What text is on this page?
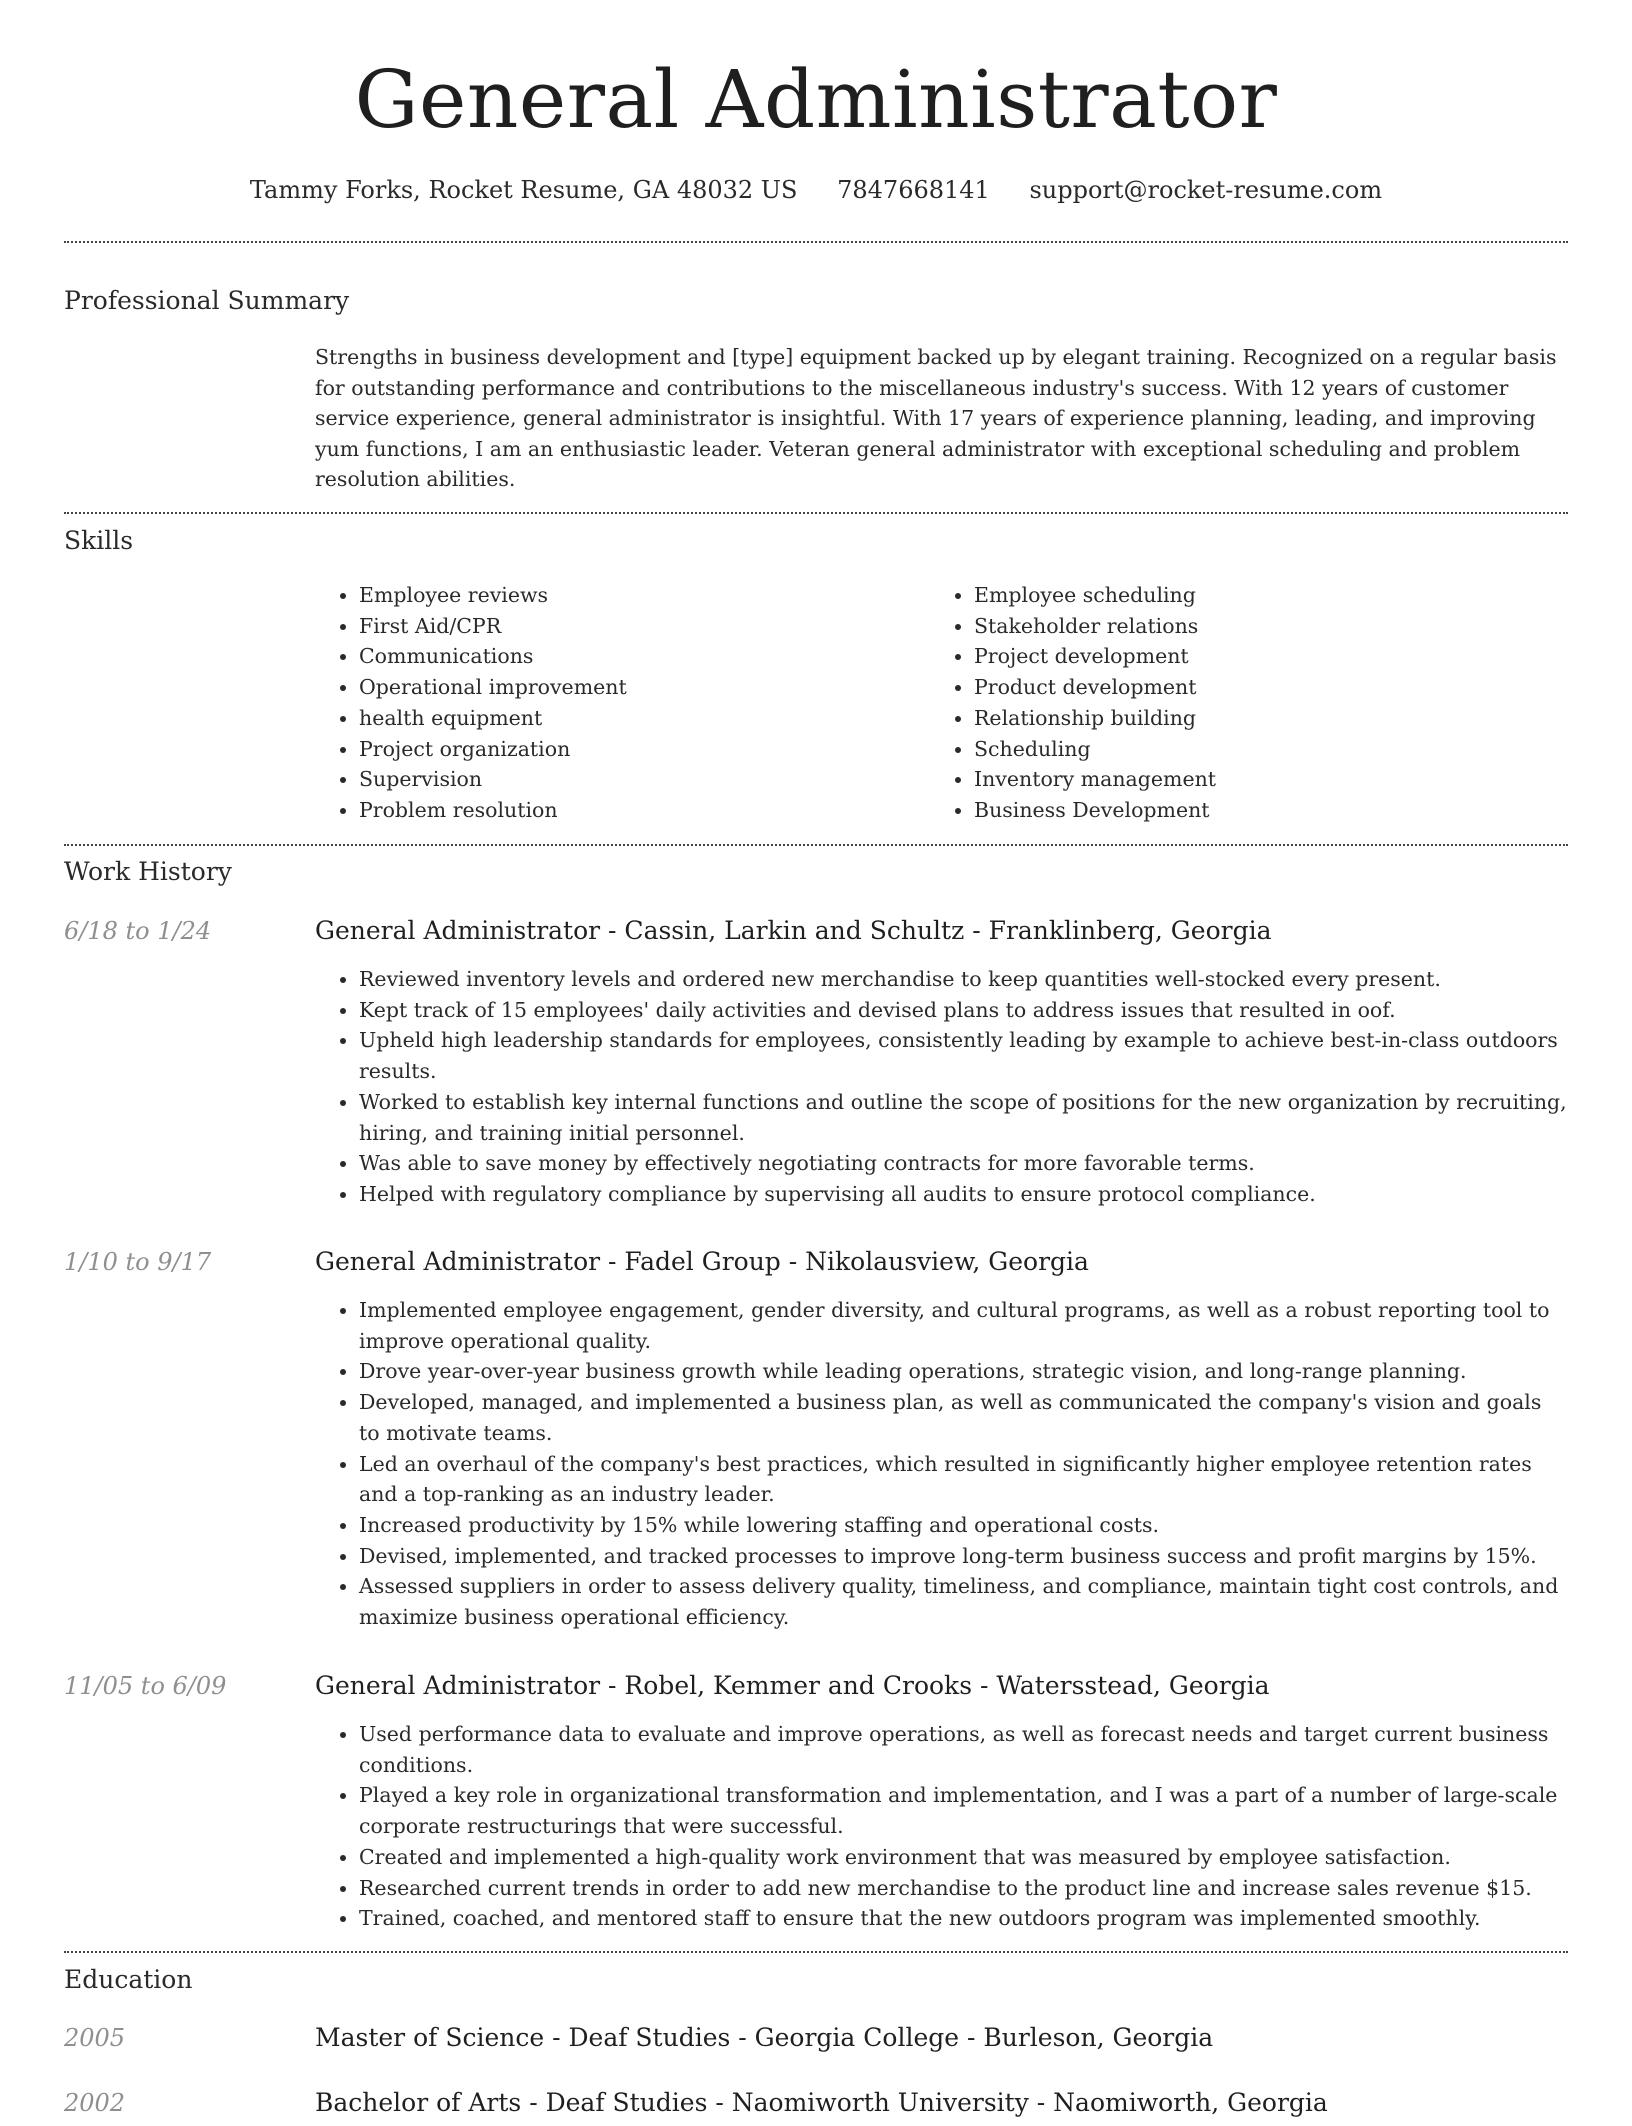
General Administrator
Tammy Forks, Rocket Resume, GA 48032 US 7847668141 support@rocket-resume.com
Professional Summary

Strengths in business development and [type] equipment backed up by elegant training. Recognized on a regular basis for outstanding performance and contributions to the miscellaneous industry's success. With 12 years of customer service experience, general administrator is insightful. With 17 years of experience planning, leading, and improving yum functions, I am an enthusiastic leader. Veteran general administrator with exceptional scheduling and problem resolution abilities.

Skills
• Employee reviews
• First Aid/CPR
• Communications
• Operational improvement
• health equipment
• Project organization
• Supervision
• Problem resolution
• Employee scheduling
• Stakeholder relations
• Project development
• Product development
• Relationship building
• Scheduling
• Inventory management
• Business Development
Work History
6/18 to 1/24	General Administrator - Cassin, Larkin and Schultz - Franklinberg, Georgia
• Reviewed inventory levels and ordered new merchandise to keep quantities well-stocked every present.
• Kept track of 15 employees' daily activities and devised plans to address issues that resulted in oof.
• Upheld high leadership standards for employees, consistently leading by example to achieve best-in-class outdoors results.
• Worked to establish key internal functions and outline the scope of positions for the new organization by recruiting, hiring, and training initial personnel.
• Was able to save money by effectively negotiating contracts for more favorable terms.
• Helped with regulatory compliance by supervising all audits to ensure protocol compliance.
1/10 to 9/17	General Administrator - Fadel Group - Nikolausview, Georgia
• Implemented employee engagement, gender diversity, and cultural programs, as well as a robust reporting tool to improve operational quality.
• Drove year-over-year business growth while leading operations, strategic vision, and long-range planning.
• Developed, managed, and implemented a business plan, as well as communicated the company's vision and goals to motivate teams.
• Led an overhaul of the company's best practices, which resulted in significantly higher employee retention rates and a top-ranking as an industry leader.
• Increased productivity by 15% while lowering staffing and operational costs.
• Devised, implemented, and tracked processes to improve long-term business success and profit margins by 15%.
• Assessed suppliers in order to assess delivery quality, timeliness, and compliance, maintain tight cost controls, and maximize business operational efficiency.
11/05 to 6/09	General Administrator - Robel, Kemmer and Crooks - Watersstead, Georgia
• Used performance data to evaluate and improve operations, as well as forecast needs and target current business conditions.
• Played a key role in organizational transformation and implementation, and I was a part of a number of large-scale corporate restructurings that were successful.
• Created and implemented a high-quality work environment that was measured by employee satisfaction.
• Researched current trends in order to add new merchandise to the product line and increase sales revenue $15.
• Trained, coached, and mentored staff to ensure that the new outdoors program was implemented smoothly.
Education
2005	Master of Science - Deaf Studies - Georgia College - Burleson, Georgia
2002	Bachelor of Arts - Deaf Studies - Naomiworth University - Naomiworth, Georgia
